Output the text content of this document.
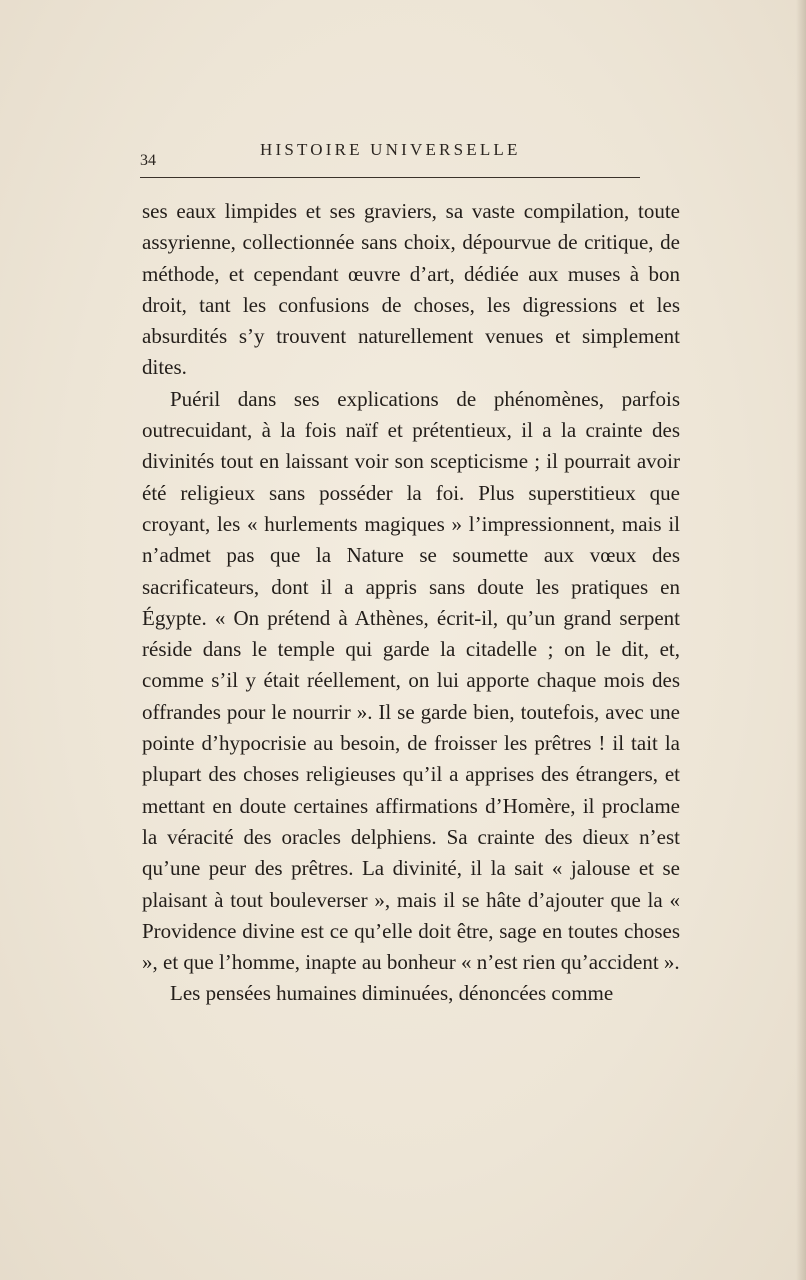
34
HISTOIRE UNIVERSELLE

ses eaux limpides et ses graviers, sa vaste compilation, toute assyrienne, collectionnée sans choix, dépourvue de critique, de méthode, et cependant œuvre d’art, dédiée aux muses à bon droit, tant les confusions de choses, les digressions et les absurdités s’y trouvent naturellement venues et simplement dites.

Puéril dans ses explications de phénomènes, parfois outrecuidant, à la fois naïf et prétentieux, il a la crainte des divinités tout en laissant voir son scepticisme ; il pourrait avoir été religieux sans posséder la foi. Plus superstitieux que croyant, les « hurlements magiques » l’impressionnent, mais il n’admet pas que la Nature se soumette aux vœux des sacrificateurs, dont il a appris sans doute les pratiques en Égypte. « On prétend à Athènes, écrit-il, qu’un grand serpent réside dans le temple qui garde la citadelle ; on le dit, et, comme s’il y était réellement, on lui apporte chaque mois des offrandes pour le nourrir ». Il se garde bien, toutefois, avec une pointe d’hypocrisie au besoin, de froisser les prêtres ! il tait la plupart des choses religieuses qu’il a apprises des étrangers, et mettant en doute certaines affirmations d’Homère, il proclame la véracité des oracles delphiens. Sa crainte des dieux n’est qu’une peur des prêtres. La divinité, il la sait « jalouse et se plaisant à tout bouleverser », mais il se hâte d’ajouter que la « Providence divine est ce qu’elle doit être, sage en toutes choses », et que l’homme, inapte au bonheur « n’est rien qu’accident ».

Les pensées humaines diminuées, dénoncées comme
